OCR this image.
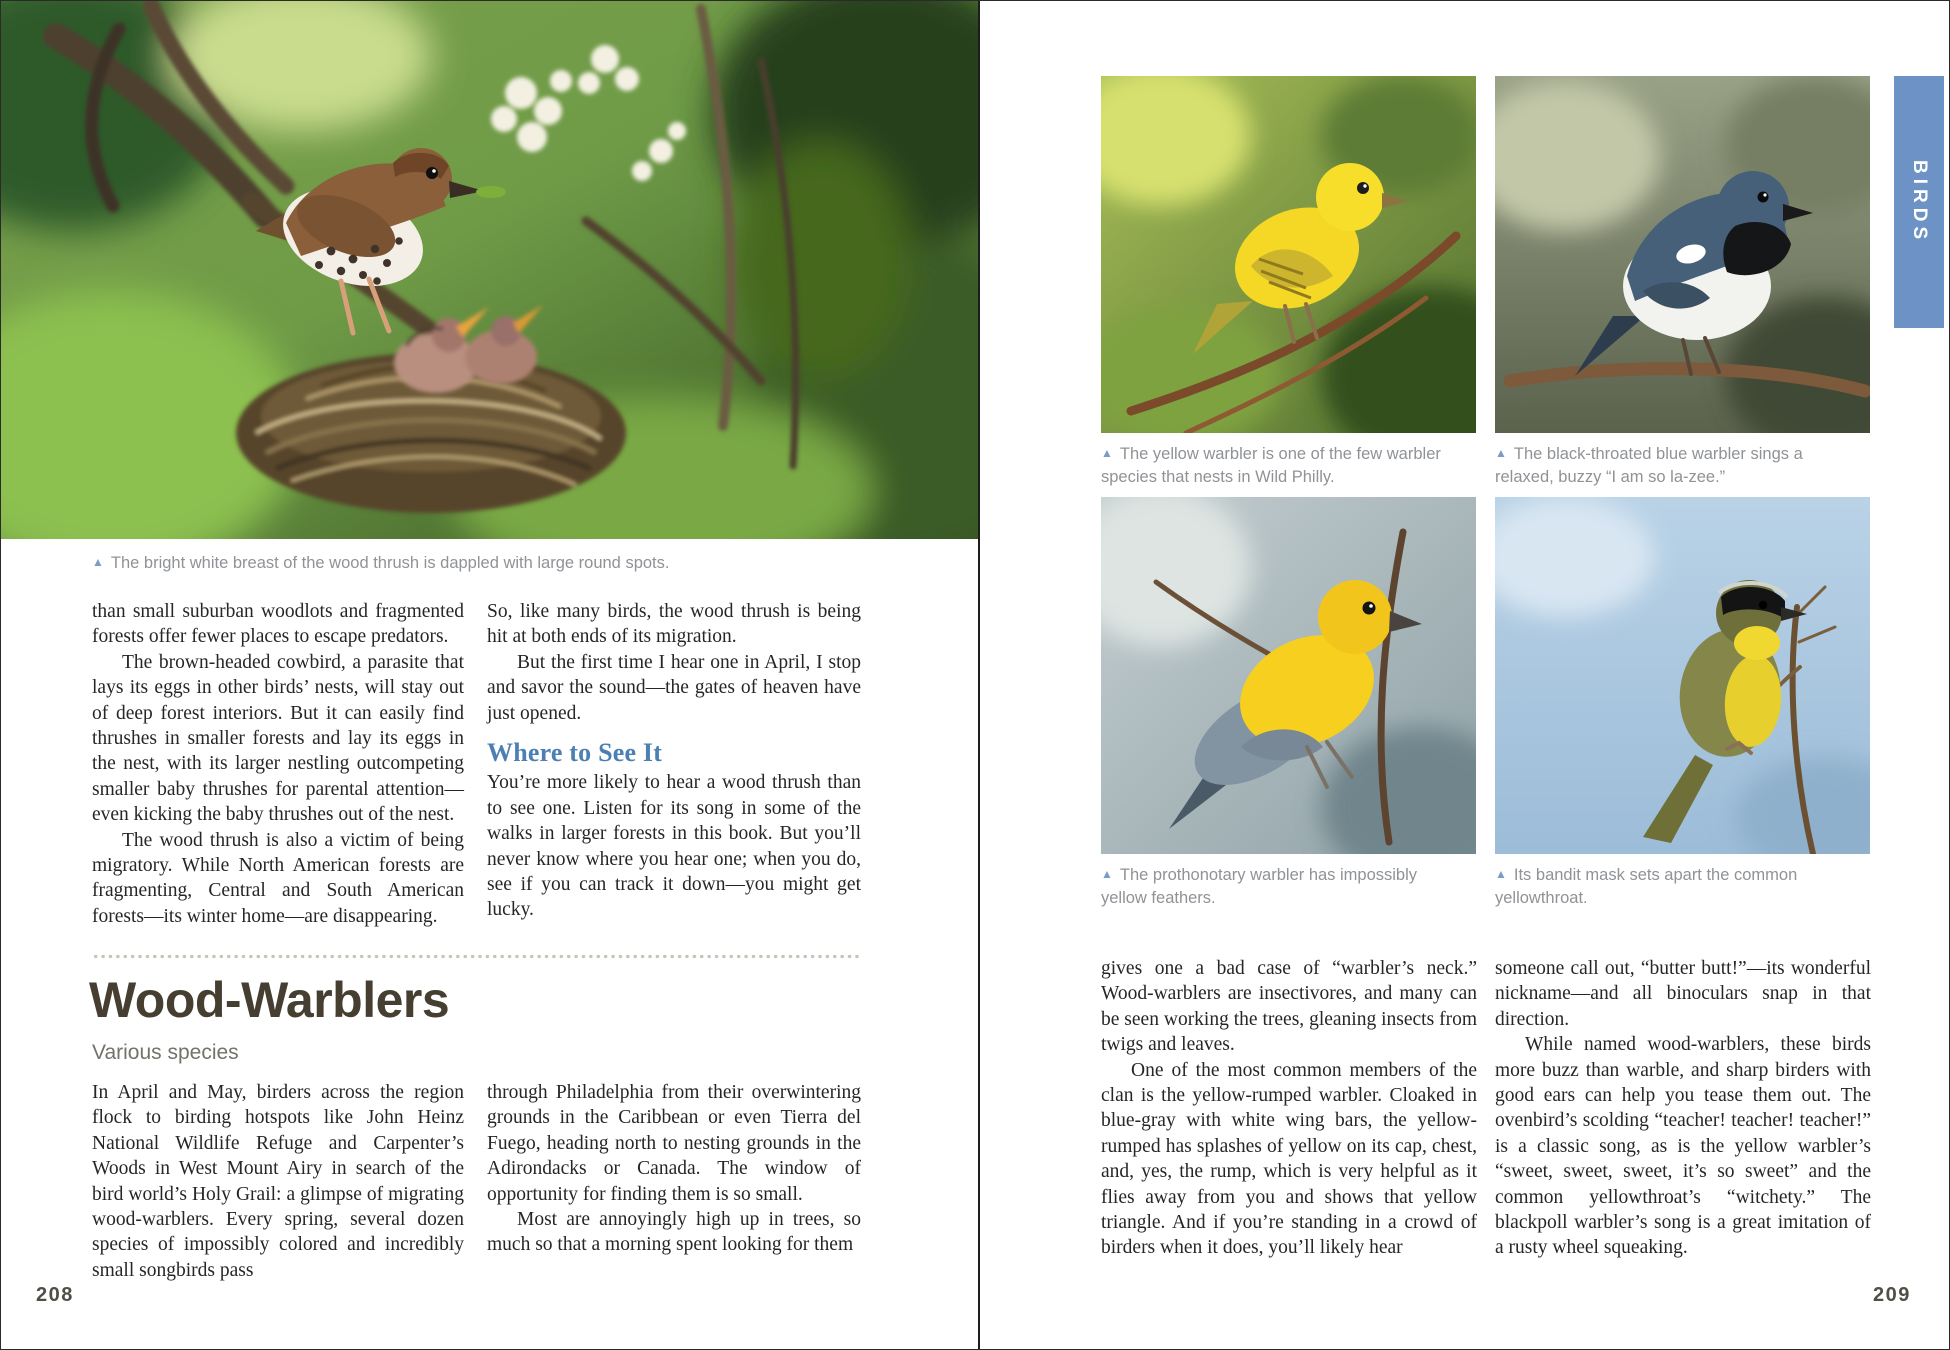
▲ The bright white breast of the wood thrush is dappled with large round spots.

than small suburban woodlots and fragmented forests offer fewer places to escape predators.

The brown-headed cowbird, a parasite that lays its eggs in other birds’ nests, will stay out of deep forest interiors. But it can easily find thrushes in smaller forests and lay its eggs in the nest, with its larger nestling outcompeting smaller baby thrushes for parental attention—even kicking the baby thrushes out of the nest.

The wood thrush is also a victim of being migratory. While North American forests are fragmenting, Central and South American forests—its winter home—are disappearing.

So, like many birds, the wood thrush is being hit at both ends of its migration.

But the first time I hear one in April, I stop and savor the sound—the gates of heaven have just opened.

Where to See It

You’re more likely to hear a wood thrush than to see one. Listen for its song in some of the walks in larger forests in this book. But you’ll never know where you hear one; when you do, see if you can track it down—you might get lucky.

Wood-Warblers
Various species

In April and May, birders across the region flock to birding hotspots like John Heinz National Wildlife Refuge and Carpenter’s Woods in West Mount Airy in search of the bird world’s Holy Grail: a glimpse of migrating wood-warblers. Every spring, several dozen species of impossibly colored and incredibly small songbirds pass

through Philadelphia from their overwintering grounds in the Caribbean or even Tierra del Fuego, heading north to nesting grounds in the Adirondacks or Canada. The window of opportunity for finding them is so small.

Most are annoyingly high up in trees, so much so that a morning spent looking for them

208
▲ The yellow warbler is one of the few warbler species that nests in Wild Philly.
▲ The black-throated blue warbler sings a relaxed, buzzy “I am so la-zee.”
▲ The prothonotary warbler has impossibly yellow feathers.
▲ Its bandit mask sets apart the common yellowthroat.

gives one a bad case of “warbler’s neck.” Wood-warblers are insectivores, and many can be seen working the trees, gleaning insects from twigs and leaves.

One of the most common members of the clan is the yellow-rumped warbler. Cloaked in blue-gray with white wing bars, the yellow-rumped has splashes of yellow on its cap, chest, and, yes, the rump, which is very helpful as it flies away from you and shows that yellow triangle. And if you’re standing in a crowd of birders when it does, you’ll likely hear

someone call out, “butter butt!”—its wonderful nickname—and all binoculars snap in that direction.

While named wood-warblers, these birds more buzz than warble, and sharp birders with good ears can help you tease them out. The ovenbird’s scolding “teacher! teacher! teacher!” is a classic song, as is the yellow warbler’s “sweet, sweet, sweet, it’s so sweet” and the common yellowthroat’s “witchety.” The blackpoll warbler’s song is a great imitation of a rusty wheel squeaking.

BIRDS
209
